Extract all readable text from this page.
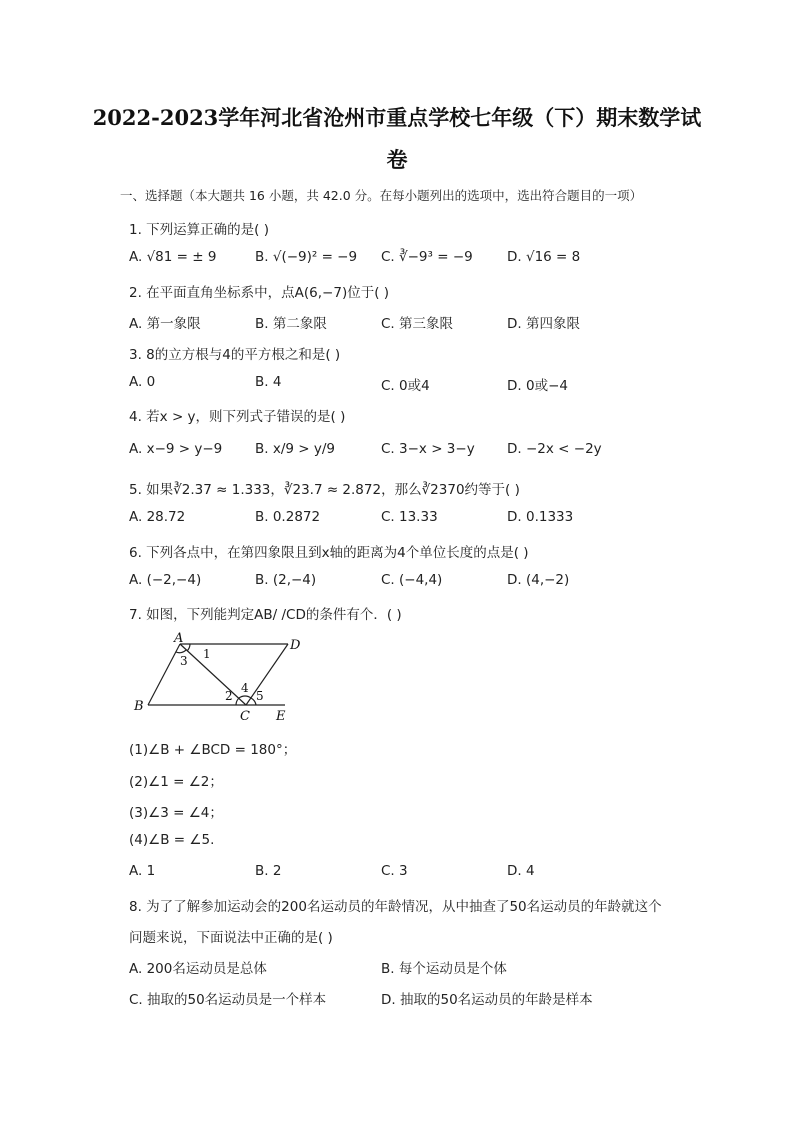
2022-2023学年河北省沧州市重点学校七年级（下）期末数学试
卷
一、选择题（本大题共 16 小题，共 42.0 分。在每小题列出的选项中，选出符合题目的一项）
1. 下列运算正确的是( )
A. √81 = ± 9	B. √(−9)² = −9 C. ∛−9³ = −9	D. √16 = 8
2. 在平面直角坐标系中，点A(6,−7)位于( )
A. 第一象限	B. 第二象限	C. 第三象限	D. 第四象限
3. 8的立方根与4的平方根之和是( )
A. 0	B. 4	C. 0或4	D. 0或−4
4. 若x > y，则下列式子错误的是( )
A. x−9 > y−9 B. x/9 > y/9	C. 3−x > 3−y D. −2x < −2y
5. 如果∛2.37 ≈ 1.333，∛23.7 ≈ 2.872，那么∛2370约等于( )
A. 28.72	B. 0.2872	C. 13.33	D. 0.1333
6. 下列各点中，在第四象限且到x轴的距离为4个单位长度的点是( )
A. (−2,−4)	B. (2,−4)	C. (−4,4)	D. (4,−2)
7. 如图，下列能判定AB/ /CD的条件有个．( )
A	D
B
C E
1
2
3
4
5
(1)∠B + ∠BCD = 180°；
(2)∠1 = ∠2；
(3)∠3 = ∠4；
(4)∠B = ∠5.
A. 1	B. 2	C. 3	D. 4
8. 为了了解参加运动会的200名运动员的年龄情况，从中抽查了50名运动员的年龄就这个
问题来说，下面说法中正确的是( )
A. 200名运动员是总体	B. 每个运动员是个体
C. 抽取的50名运动员是一个样本	D. 抽取的50名运动员的年龄是样本
